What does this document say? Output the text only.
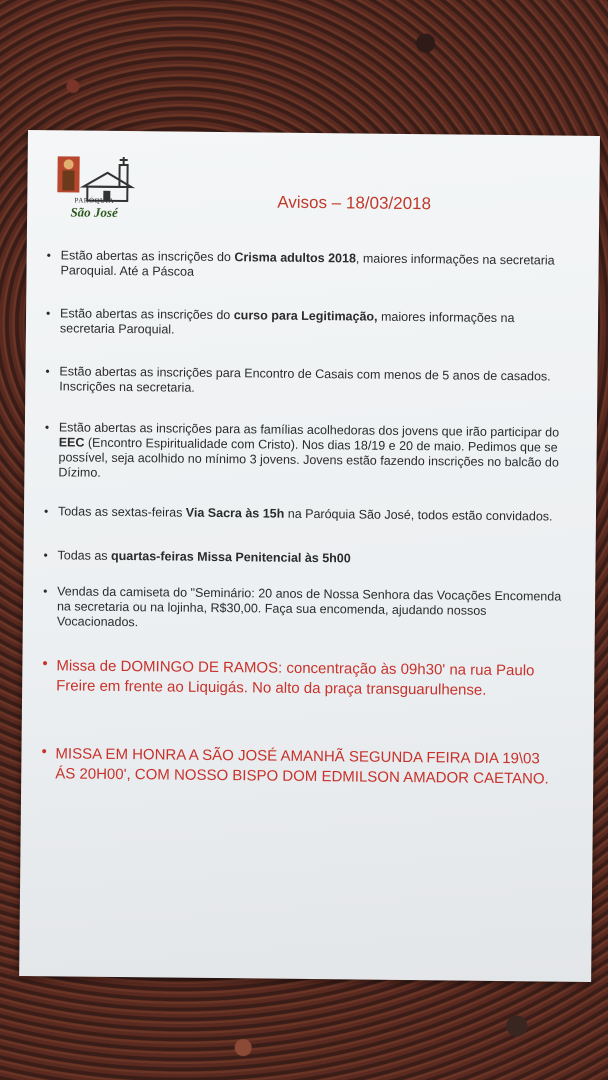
PARÓQUIA
São José	Avisos – 18/03/2018
• Estão abertas as inscrições do Crisma adultos 2018, maiores informações na secretaria Paroquial. Até a Páscoa
• Estão abertas as inscrições do curso para Legitimação, maiores informações na secretaria Paroquial.
• Estão abertas as inscrições para Encontro de Casais com menos de 5 anos de casados. Inscrições na secretaria.
• Estão abertas as inscrições para as famílias acolhedoras dos jovens que irão participar do EEC (Encontro Espiritualidade com Cristo). Nos dias 18/19 e 20 de maio. Pedimos que se possível, seja acolhido no mínimo 3 jovens. Jovens estão fazendo inscrições no balcão do Dízimo.
• Todas as sextas-feiras Via Sacra às 15h na Paróquia São José, todos estão convidados.
• Todas as quartas-feiras Missa Penitencial às 5h00
• Vendas da camiseta do "Seminário: 20 anos de Nossa Senhora das Vocações Encomenda na secretaria ou na lojinha, R$30,00. Faça sua encomenda, ajudando nossos Vocacionados.
• Missa de DOMINGO DE RAMOS: concentração às 09h30' na rua Paulo Freire em frente ao Liquigás. No alto da praça transguarulhense.
• MISSA EM HONRA A SÃO JOSÉ AMANHÃ SEGUNDA FEIRA DIA 19\03 ÁS 20H00', COM NOSSO BISPO DOM EDMILSON AMADOR CAETANO.
